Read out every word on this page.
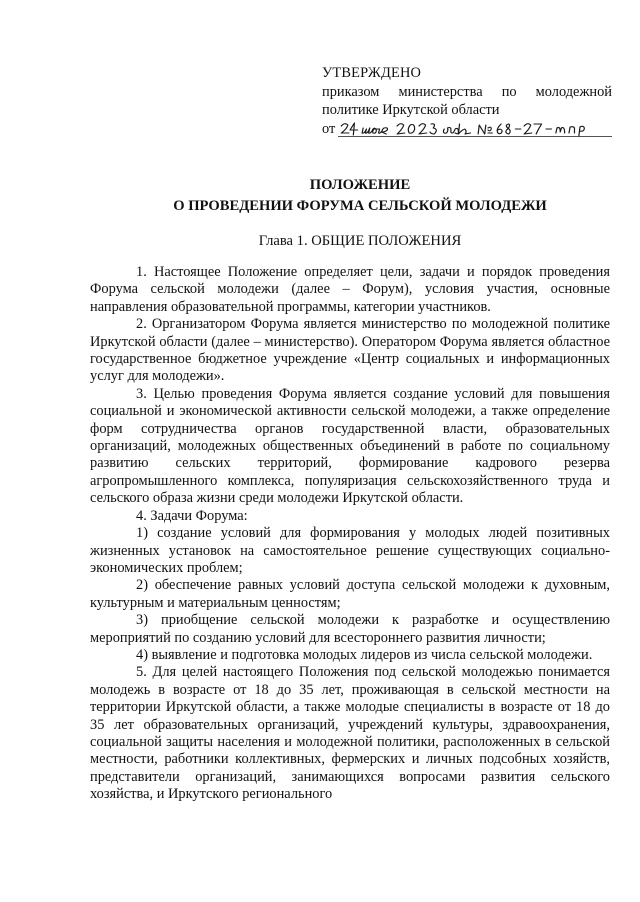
УТВЕРЖДЕНО
приказом министерства по молодежной
политике Иркутской области
от
ПОЛОЖЕНИЕ
О ПРОВЕДЕНИИ ФОРУМА СЕЛЬСКОЙ МОЛОДЕЖИ
Глава 1. ОБЩИЕ ПОЛОЖЕНИЯ

1. Настоящее Положение определяет цели, задачи и порядок проведения Форума сельской молодежи (далее – Форум), условия участия, основные направления образовательной программы, категории участников.

2. Организатором Форума является министерство по молодежной политике Иркутской области (далее – министерство). Оператором Форума является областное государственное бюджетное учреждение «Центр социальных и информационных услуг для молодежи».

3. Целью проведения Форума является создание условий для повышения социальной и экономической активности сельской молодежи, а также определение форм сотрудничества органов государственной власти, образовательных организаций, молодежных общественных объединений в работе по социальному развитию сельских территорий, формирование кадрового резерва агропромышленного комплекса, популяризация сельскохозяйственного труда и сельского образа жизни среди молодежи Иркутской области.

4. Задачи Форума:

1) создание условий для формирования у молодых людей позитивных жизненных установок на самостоятельное решение существующих социально-экономических проблем;

2) обеспечение равных условий доступа сельской молодежи к духовным, культурным и материальным ценностям;

3) приобщение сельской молодежи к разработке и осуществлению мероприятий по созданию условий для всестороннего развития личности;

4) выявление и подготовка молодых лидеров из числа сельской молодежи.

5. Для целей настоящего Положения под сельской молодежью понимается молодежь в возрасте от 18 до 35 лет, проживающая в сельской местности на территории Иркутской области, а также молодые специалисты в возрасте от 18 до 35 лет образовательных организаций, учреждений культуры, здравоохранения, социальной защиты населения и молодежной политики, расположенных в сельской местности, работники коллективных, фермерских и личных подсобных хозяйств, представители организаций, занимающихся вопросами развития сельского хозяйства, и Иркутского регионального
